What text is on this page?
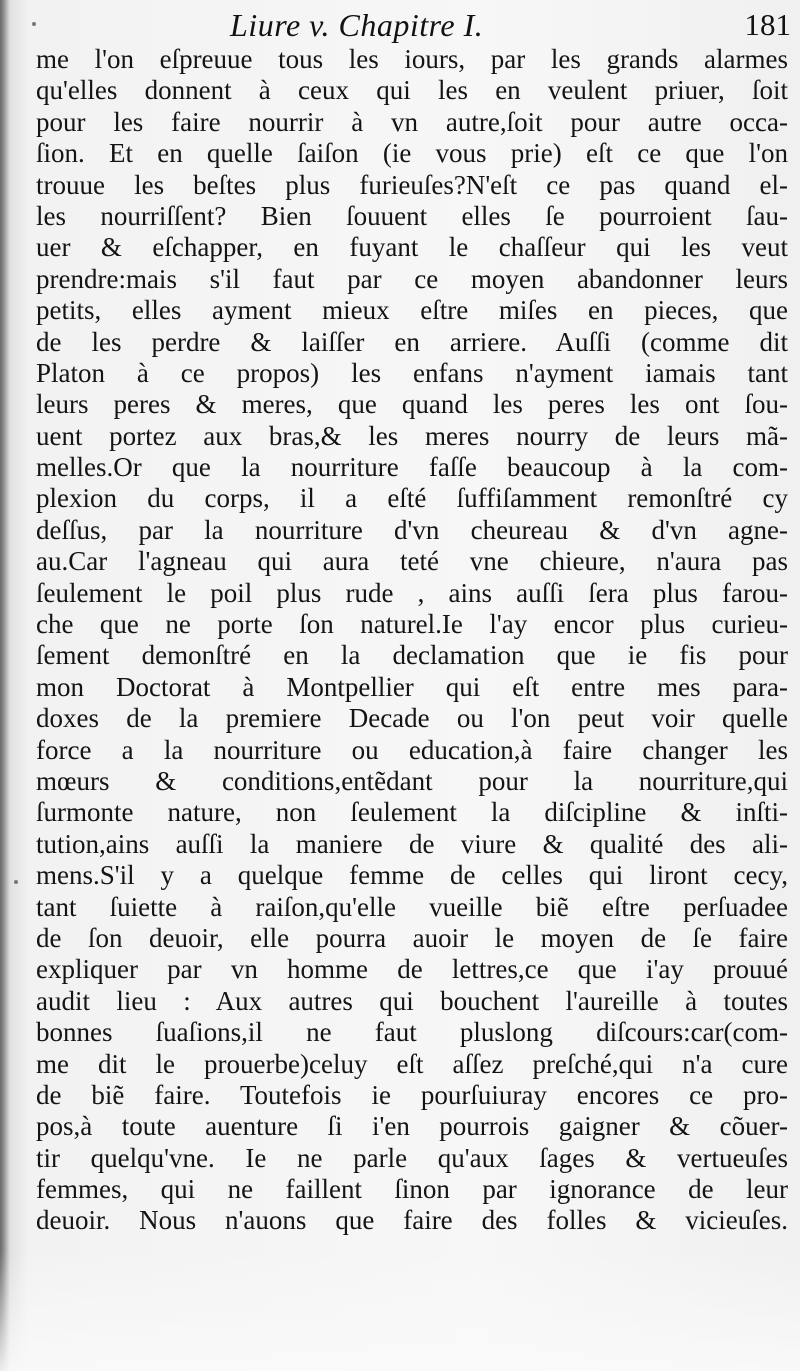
Liure v. Chapitre I.	181
me l'on eſpreuue tous les iours, par les grands alarmes
qu'elles donnent à ceux qui les en veulent priuer, ſoit
pour les faire nourrir à vn autre,ſoit pour autre occa-
ſion. Et en quelle ſaiſon (ie vous prie) eſt ce que l'on
trouue les beſtes plus furieuſes?N'eſt ce pas quand el-
les nourriſſent? Bien ſouuent elles ſe pourroient ſau-
uer & eſchapper, en fuyant le chaſſeur qui les veut
prendre:mais s'il faut par ce moyen abandonner leurs
petits, elles ayment mieux eſtre miſes en pieces, que
de les perdre & laiſſer en arriere. Auſſi (comme dit
Platon à ce propos) les enfans n'ayment iamais tant
leurs peres & meres, que quand les peres les ont ſou-
uent portez aux bras,& les meres nourry de leurs mã-
melles.Or que la nourriture faſſe beaucoup à la com-
plexion du corps, il a eſté ſuffiſamment remonſtré cy
deſſus, par la nourriture d'vn cheureau & d'vn agne-
au.Car l'agneau qui aura teté vne chieure, n'aura pas
ſeulement le poil plus rude , ains auſſi ſera plus farou-
che que ne porte ſon naturel.Ie l'ay encor plus curieu-
ſement demonſtré en la declamation que ie fis pour
mon Doctorat à Montpellier qui eſt entre mes para-
doxes de la premiere Decade ou l'on peut voir quelle
force a la nourriture ou education,à faire changer les
mœurs & conditions,entẽdant pour la nourriture,qui
ſurmonte nature, non ſeulement la diſcipline & inſti-
tution,ains auſſi la maniere de viure & qualité des ali-
mens.S'il y a quelque femme de celles qui liront cecy,
tant ſuiette à raiſon,qu'elle vueille biẽ eſtre perſuadee
de ſon deuoir, elle pourra auoir le moyen de ſe faire
expliquer par vn homme de lettres,ce que i'ay prouué
audit lieu : Aux autres qui bouchent l'aureille à toutes
bonnes ſuaſions,il ne faut pluslong diſcours:car(com-
me dit le prouerbe)celuy eſt aſſez preſché,qui n'a cure
de biẽ faire. Toutefois ie pourſuiuray encores ce pro-
pos,à toute auenture ſi i'en pourrois gaigner & cõuer-
tir quelqu'vne. Ie ne parle qu'aux ſages & vertueuſes
femmes, qui ne faillent ſinon par ignorance de leur
deuoir. Nous n'auons que faire des folles & vicieuſes.
